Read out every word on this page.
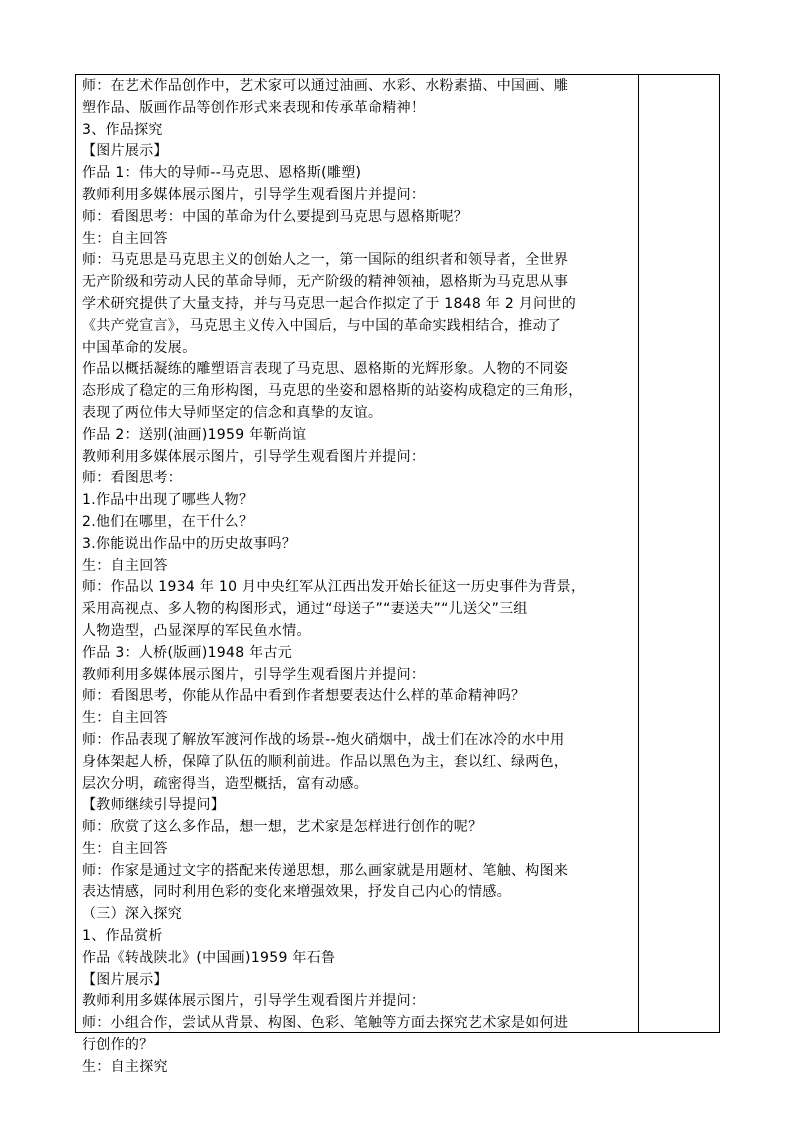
师：在艺术作品创作中，艺术家可以通过油画、水彩、水粉素描、中国画、雕
塑作品、版画作品等创作形式来表现和传承革命精神！
3、作品探究
【图片展示】
作品 1：伟大的导师--马克思、恩格斯(雕塑)
教师利用多媒体展示图片，引导学生观看图片并提问：
师：看图思考：中国的革命为什么要提到马克思与恩格斯呢？
生：自主回答
师：马克思是马克思主义的创始人之一，第一国际的组织者和领导者，全世界
无产阶级和劳动人民的革命导师，无产阶级的精神领袖，恩格斯为马克思从事
学术研究提供了大量支持，并与马克思一起合作拟定了于 1848 年 2 月问世的
《共产党宣言》，马克思主义传入中国后，与中国的革命实践相结合，推动了
中国革命的发展。
作品以概括凝练的雕塑语言表现了马克思、恩格斯的光辉形象。人物的不同姿
态形成了稳定的三角形构图，马克思的坐姿和恩格斯的站姿构成稳定的三角形，
表现了两位伟大导师坚定的信念和真挚的友谊。
作品 2：送别(油画)1959 年靳尚谊
教师利用多媒体展示图片，引导学生观看图片并提问：
师：看图思考：
1.作品中出现了哪些人物？
2.他们在哪里，在干什么？
3.你能说出作品中的历史故事吗？
生：自主回答
师：作品以 1934 年 10 月中央红军从江西出发开始长征这一历史事件为背景，
采用高视点、多人物的构图形式，通过“母送子”“妻送夫”“儿送父”三组
人物造型，凸显深厚的军民鱼水情。
作品 3：人桥(版画)1948 年古元
教师利用多媒体展示图片，引导学生观看图片并提问：
师：看图思考，你能从作品中看到作者想要表达什么样的革命精神吗？
生：自主回答
师：作品表现了解放军渡河作战的场景--炮火硝烟中，战士们在冰冷的水中用
身体架起人桥，保障了队伍的顺利前进。作品以黑色为主，套以红、绿两色，
层次分明，疏密得当，造型概括，富有动感。
【教师继续引导提问】
师：欣赏了这么多作品，想一想，艺术家是怎样进行创作的呢？
生：自主回答
师：作家是通过文字的搭配来传递思想，那么画家就是用题材、笔触、构图来
表达情感，同时利用色彩的变化来增强效果，抒发自己内心的情感。
（三）深入探究
1、作品赏析
作品《转战陕北》(中国画)1959 年石鲁
【图片展示】
教师利用多媒体展示图片，引导学生观看图片并提问：
师：小组合作，尝试从背景、构图、色彩、笔触等方面去探究艺术家是如何进
行创作的？
生：自主探究
